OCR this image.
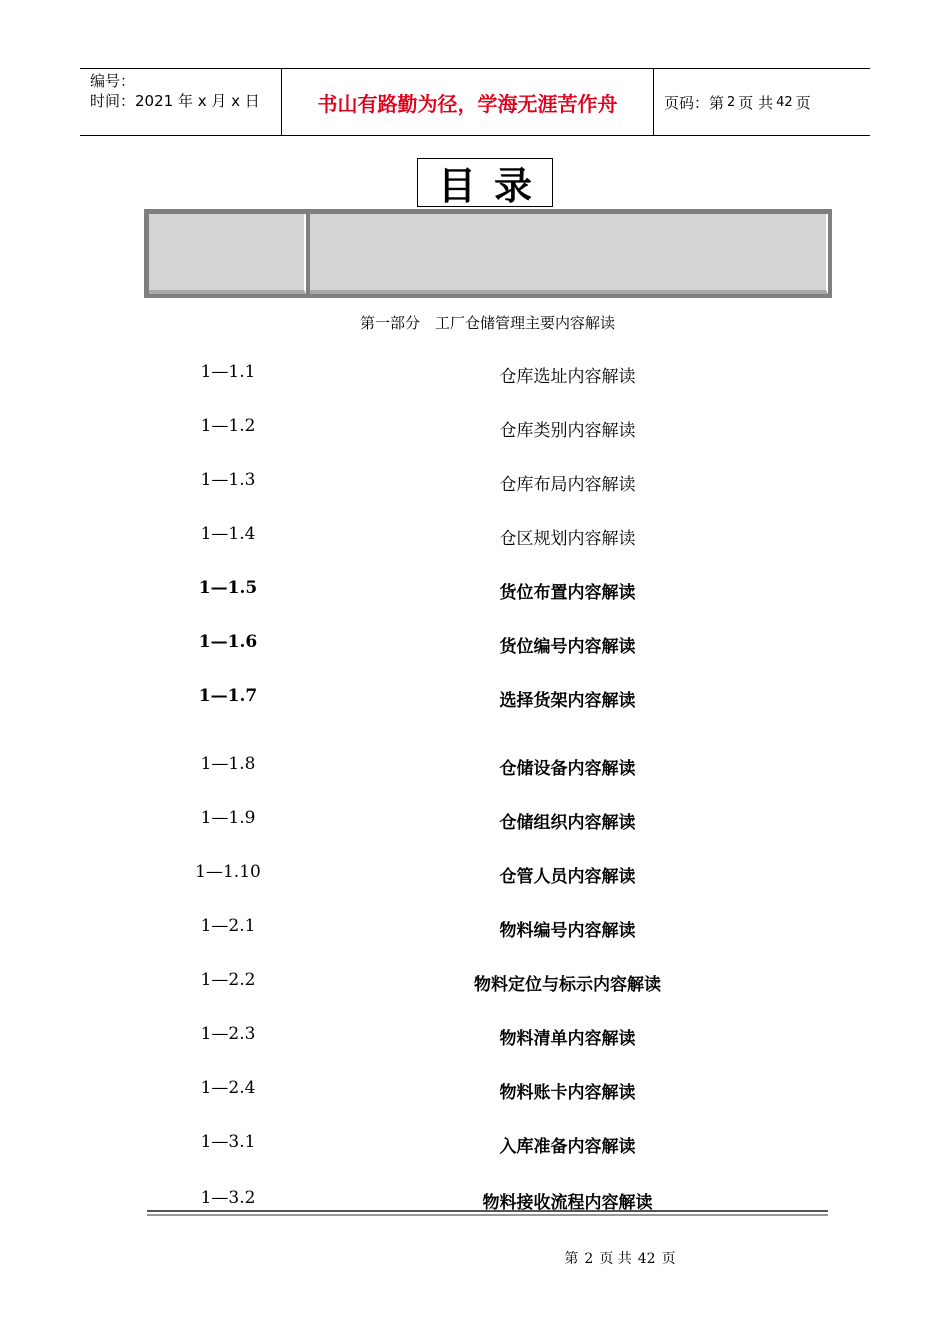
编号：
时间：2021 年 x 月 x 日	书山有路勤为径，学海无涯苦作舟	页码：第 2 页 共 42 页
目录
第一部分　工厂仓储管理主要内容解读
1—1.1	仓库选址内容解读
1—1.2	仓库类别内容解读
1—1.3	仓库布局内容解读
1—1.4	仓区规划内容解读
1—1.5	货位布置内容解读
1—1.6	货位编号内容解读
1—1.7	选择货架内容解读
1—1.8	仓储设备内容解读
1—1.9	仓储组织内容解读
1—1.10	仓管人员内容解读
1—2.1	物料编号内容解读
1—2.2	物料定位与标示内容解读
1—2.3	物料清单内容解读
1—2.4	物料账卡内容解读
1—3.1	入库准备内容解读
1—3.2	物料接收流程内容解读
第 2 页 共 42 页
